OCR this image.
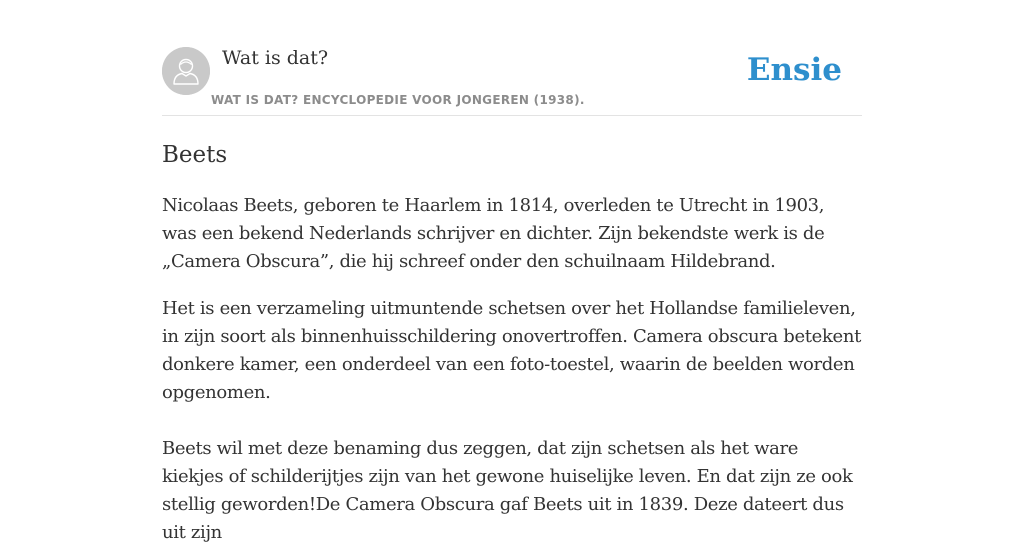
Wat is dat?
WAT IS DAT? ENCYCLOPEDIE VOOR JONGEREN (1938).
Ensie
Beets

Nicolaas Beets, geboren te Haarlem in 1814, overleden te Utrecht in 1903, was een bekend Nederlands schrijver en dichter. Zijn bekendste werk is de „Camera Obscura”, die hij schreef onder den schuilnaam Hildebrand.

Het is een verzameling uitmuntende schetsen over het Hollandse familieleven, in zijn soort als binnenhuisschildering onovertroffen. Camera obscura betekent donkere kamer, een onderdeel van een foto-toestel, waarin de beelden worden opgenomen.

Beets wil met deze benaming dus zeggen, dat zijn schetsen als het ware kiekjes of schilderijtjes zijn van het gewone huiselijke leven. En dat zijn ze ook stellig geworden!De Camera Obscura gaf Beets uit in 1839. Deze dateert dus uit zijn
